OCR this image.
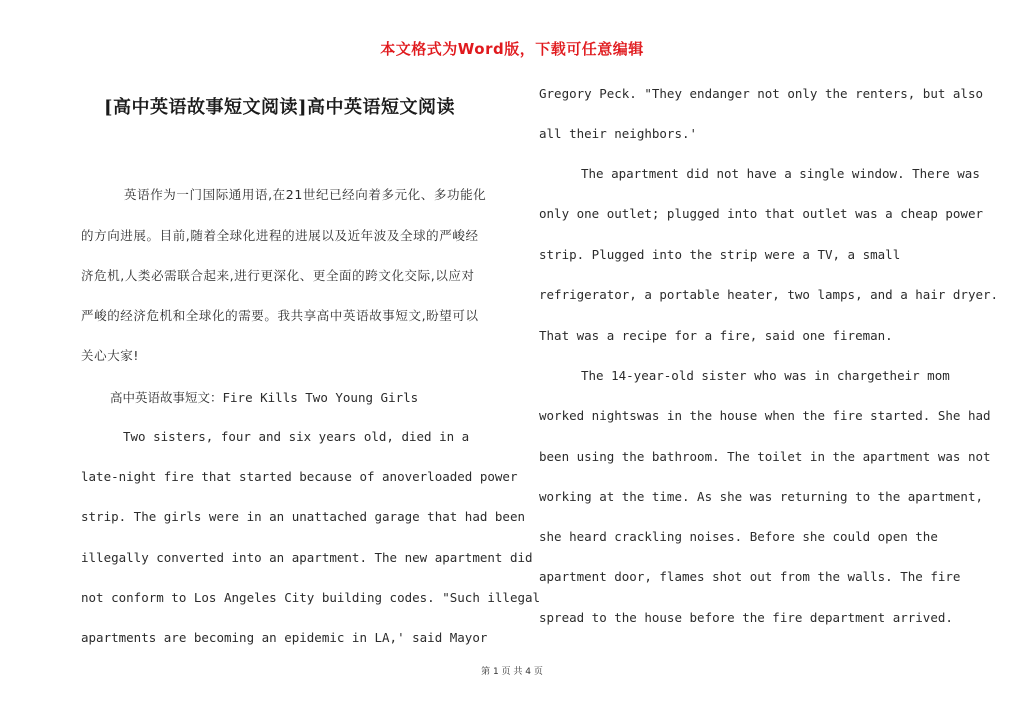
本文格式为Word版，下载可任意编辑
[高中英语故事短文阅读]高中英语短文阅读
英语作为一门国际通用语,在21世纪已经向着多元化、多功能化
的方向进展。目前,随着全球化进程的进展以及近年波及全球的严峻经
济危机,人类必需联合起来,进行更深化、更全面的跨文化交际,以应对
严峻的经济危机和全球化的需要。我共享高中英语故事短文,盼望可以
关心大家!
高中英语故事短文：Fire Kills Two Young Girls
Two sisters, four and six years old, died in a
late-night fire that started because of anoverloaded power
strip. The girls were in an unattached garage that had been
illegally converted into an apartment. The new apartment did
not conform to Los Angeles City building codes. "Such illegal
apartments are becoming an epidemic in LA,' said Mayor
Gregory Peck. "They endanger not only the renters, but also
all their neighbors.'
The apartment did not have a single window. There was
only one outlet; plugged into that outlet was a cheap power
strip. Plugged into the strip were a TV, a small
refrigerator, a portable heater, two lamps, and a hair dryer.
That was a recipe for a fire, said one fireman.
The 14-year-old sister who was in chargetheir mom
worked nightswas in the house when the fire started. She had
been using the bathroom. The toilet in the apartment was not
working at the time. As she was returning to the apartment,
she heard crackling noises. Before she could open the
apartment door, flames shot out from the walls. The fire
spread to the house before the fire department arrived.
第 1 页 共 4 页
